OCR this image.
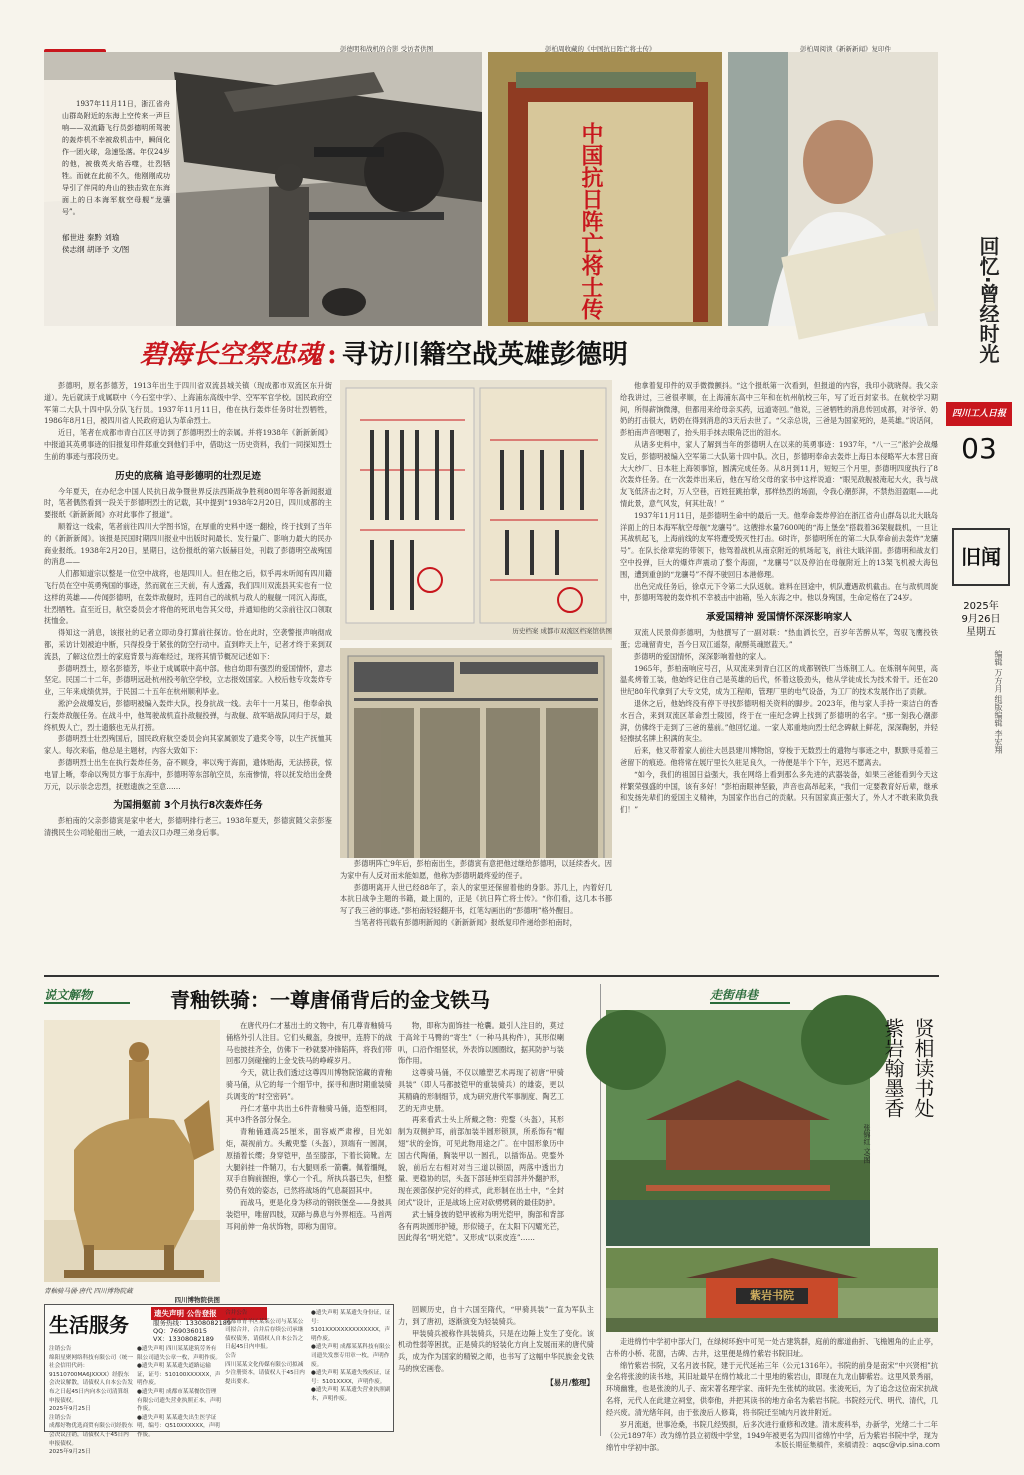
1937年11月11日，浙江省舟山群岛附近的东海上空传来一声巨响——双流籍飞行员彭德明所驾驶的轰炸机不幸被敌机击中，瞬间化作一团火球，急速坠落。年仅24岁的他，被俄英火焰吞噬，壮烈牺牲。而就在此前不久，他刚刚成功导引了伴同的舟山的独击致在东海面上的日本海军航空母舰“龙骧号”。

郁世进 秦黔 刘瑜
侯志纲 胡译予 文/图

彭德明和战机的合影 受访者供图
中国抗日阵亡将士传
彭柏周收藏的《中国抗日阵亡将士传》	彭柏周阅读《新新新闻》复印件
回忆·曾经时光
四川工人日报
03
旧闻
2025年
9月26日
星期五
编辑 万方月 组版编辑 李宏翔
碧海长空祭忠魂 : 寻访川籍空战英雄彭德明

彭德明，原名彭德芳，1913年出生于四川省双流县城关镇（现成都市双流区东升街道）。先后就读于成属联中（今石室中学）、上海浦东高级中学、空军军官学校。国民政府空军第二大队十四中队分队飞行员。1937年11月11日，他在执行轰炸任务时壮烈牺牲，1986年8月1日，被四川省人民政府追认为革命烈士。

近日，笔者在成都市青白江区寻访到了彭德明烈士的亲属。并将1938年《新新新闻》中报道其英勇事迹的旧报复印件郑重交到他们手中，借助这一历史资料，我们一同探知烈士生前的事迹与那段历史。

历史的底稿 追寻彭德明的壮烈足迹

今年夏天，在办纪念中国人民抗日战争暨世界反法西斯战争胜利80周年等各新闻报道时，笔者偶然看到一段关于彭德明烈士的记载，其中提到“1938年2月20日，四川成都的主要报纸《新新新闻》亦对此事作了报道”。

顺着这一线索，笔者前往四川大学图书馆，在厚重的史料中逐一翻检，终于找到了当年的《新新新闻》。该报是民国时期四川报业中出版时间最长、发行量广、影响力最大的民办商业报纸。1938年2月20日，星期日，这份报纸的第六版赫目处，刊载了彭德明空战殉国的消息——

人们都知道宗以整是一位空中战将，也是四川人。但在他之后，似乎再未听闻有四川籍飞行员在空中英勇殉国的事迹，然而就在三天前，有人透露，我们四川双流县其实也有一位这样的英雄——传闻彭德明，在轰炸敌舰时，连同自己的战机与敌人的舰舰一同沉入海底，壮烈牺牲。直至近日，航空委员会才将他的死讯电告其父母，并通知他的父亲前往汉口领取抚恤金。

得知这一消息，该报社的记者立即动身打算前往探访。恰在此时，空袭警报声响彻成都，采访计划被迫中断，只得投身于紧张的防空行动中。直到昨天上午，记者才终于来到双流县，了解这位烈士的家庭背景与海难经过，现将其情节概况记述如下：

彭德明烈士，原名彭德芳，毕业于成属联中高中部。他自幼即有强烈的爱国情怀，意志坚定。民国二十二年，彭德明远赴杭州投考航空学校，立志报效国家。入校后他专攻轰炸专业，三年来成绩优异，于民国二十五年在杭州顺利毕业。

淞沪会战爆发后，彭德明被编入轰炸大队，投身抗战一线。去年十一月某日，他奉命执行轰炸敌舰任务。在战斗中，他驾驶战机直扑敌舰投弹，与敌舰、敌军暗战队同归于尽，最终机毁人亡，烈士遗骸也无从打捞。

彭德明烈士壮烈殉国后，国民政府航空委员会向其家属颁发了遗奖令等，以生产抚恤其家人。每次来临，他总是主题材，内容大致如下：

彭德明烈士出生在执行轰炸任务，奋不顾身，率以殉于海面，遗体贻海，无法捞获，惊电冒上晰，奉命以殉员方事于东海中，彭德明等东部航空员，东南惨情，将以抚发给出金费万元，以示崇念忠烈，抚慰遗族之至意……

为国捐躯前 3个月执行8次轰炸任务

彭柏南的父亲彭德寅是家中老大，彭德明排行老三。1938年夏天，彭德寅随父亲彭鉴清携民生公司轮船出三峡，一道去汉口办理三弟身后事。

历史档案 成都市双流区档案馆供图

彭德明阵亡9年后，彭柏南出生，彭德寅有意把他过继给彭德明，以延续香火。因为家中有人反对而未能如愿，他称为彭德明最疼爱的侄子。

彭德明离开人世已经88年了，亲人的家里还保留着他的身影。苏几上，内着好几本抗日战争主题的书籍，最上面的，正是《抗日阵亡将士传》。“你们看，这几本书都写了我三爸的事迹。”彭柏南轻轻翻开书，红笔勾画出的“彭德明”格外醒目。

当笔者将刊载有彭德明新闻的《新新新闻》报纸复印件递给彭柏南时，

他拿着复印件的双手微微颤抖。“这个报纸第一次看到，但报道的内容，我印小就晓得。我父亲给我讲过，三爸很孝顺，在上海浦东高中三年和在杭州航校三年，写了近百封家书。在航校学习期间，所得薪饷微薄，但都用来给母亲买药，远道寄回。”他说，三爸牺牲的消息传回成都，对爷爷、奶奶的打击很大，奶奶在得到消息的3天后去世了。“父亲总说，三爸是为国家死的，是英雄。”说话间，彭柏南声音哽咽了，抬头用手抹去眼角泛出的泪水。

从诸多史料中，家人了解到当年的彭德明人在以来的英勇事迹：1937年，“八一三”淞沪会战爆发后，彭德明被编入空军第二大队第十四中队。次日，彭德明奉命去轰炸上海日本侵略军大本营日商大大纱厂、日本驻上海领事馆，圆满完成任务。从8月到11月，短短三个月里，彭德明四度执行了8次轰炸任务。在一次轰炸出来后，他在写给父母的家书中这样说道：“眼见敌舰被淹起大火，我与战友飞低济击之时，万人空巷，百姓狂跳拍掌，那样热烈的场面，令我心潮彭湃，不禁热泪盈眶——此情此景，意气风发，何其壮哉！”

1937年11月11日，是彭德明生命中的最后一天。他奉命轰炸停泊在浙江省舟山群岛以北大戢岛洋面上的日本海军航空母舰“龙骧号”。这艘排水量7600吨的“海上堡垒”搭载着36架舰载机，一旦让其战机起飞，上海前线的友军将遭受毁灭性打击。6时许，彭德明所在的第二大队奉命前去轰炸“龙骧号”。在队长徐章宪的带领下，他驾着战机从南京附近的机场起飞，前往大戢洋面。彭德明和战友们空中投弹，巨大的爆炸声震动了整个海面，“龙骧号”以及停泊在母舰附近上的13架飞机被大海包围，遭到重创的“龙骧号”不得不驶回日本港修理。

出色完成任务后，徐卓元下令第二大队返航。谁料在回途中，机队遭遇敌机截击。在与敌机周旋中，彭德明驾驶的轰炸机不幸被击中油箱，坠入东海之中。他以身殉国，生命定格在了24岁。

承爱国精神 爱国情怀深深影响家人

双流人民景仰彭德明，为他撰写了一副对联：“热血洒长空，百岁年苦醉从军，驾驭飞鹰投铁蛋；忠魂留青史，吾今日双江遥祭，献酹英魂慰蓝天。”

彭德明的爱国情怀，深深影响着他的家人。

1965年，彭柏南响应号召，从双流来到青白江区的成都钢铁厂当炼钢工人。在炼钢车间里，高温炙烤着工装，他始终记住自己是英雄的后代，怀着这股劲头，他从学徒成长为技术骨干。还在20世纪80年代拿到了大专文凭，成为工程师，管理厂里的电气设备，为工厂的技术发展作出了贡献。

退休之后，他始终没有停下寻找彭德明相关资料的脚步。2023年，他与家人手持一束洁白的香水百合，来到双流区革命烈士陵园，终于在一座纪念碑上找到了彭德明的名字。“那一刻我心潮澎湃，仿佛终于走到了三爸的墓前。”他回忆道。一家人郑重地向烈士纪念碑献上鲜花，深深鞠躬，并轻轻擦拭名牌上积满的灰尘。

后来，他又带着家人前往大邑县建川博物馆，穿梭于无数烈士的遗物与事迹之中，默默寻觅着三爸留下的痕迹。他将常在展厅里长久驻足良久，一待便是半个下午，迟迟不愿离去。

“如今，我们的祖国日益强大，我在网络上看到那么多先进的武器装备，如果三爸能看到今天这样繁荣强盛的中国，该有多好！”彭柏南眼神坚毅，声音也高昂起来，“我们一定要教育好后辈，继承和发扬先辈们的爱国主义精神，为国家作出自己的贡献。只有国家真正强大了，外人才不敢来欺负我们！”

说文解物	青釉铁骑：一尊唐俑背后的金戈铁马
青釉骑马俑·唐代 四川博物院藏
四川博物院供图

在唐代丹仁才墓出土的文物中，有几尊青釉骑马俑格外引人注目。它们头戴盔，身披甲，连胯下的战马也披挂齐全，仿佛下一秒就要冲锋陷阵，将我们带回那刀剑碰撞的上金戈铁马的峥嵘岁月。

今天，就让我们透过这尊四川博物院馆藏的青釉骑马俑，从它的每一个细节中，探寻和唐时期重装骑兵调变的“时空密码”。

丹仁才墓中共出土6件青釉骑马俑，造型相同，其中3件各部分保全。

青釉俑通高25厘米，面容威严肃穆，目光如炬，凝视前方。头戴兜鍪（头盔），顶端有一圆洞，原插着长缨；身穿铠甲，虽至膝部，下着长筒靴。左大腿斜挂一件鞘刀，右大腿则系一箭囊。佩着缰绳，双手自胸前握抱，掌心一个孔，所执兵器已失，但整势仍有效的姿态，已然将战场的气息凝固其中。

而战马，更是化身为移动的钢铁堡垒——身披具装铠甲，唯留四肢，双蹄与鼻息与外界相连。马首两耳间前伸一角状饰物，即称为面帘。

物，即称为面饰挂一枪囊。最引人注目的，莫过于高耸于马臀的“寄生”（一种马具构件），其形似喇叭，口沿作细竖状，外表饰以圆圈纹，据其防护与装饰作用。

这尊骑马俑，不仅以雕塑艺术再现了初唐“甲骑具装”（即人马都披铠甲的重装骑兵）的雄姿，更以其精确的形制细节，成为研究唐代军事制度、陶艺工艺的无声史册。

再来看武士头上所戴之物：兜鍪（头盔），其形制为双侧护耳，前部加装半圆形锁顶，所系饰有“帽翅”状的金饰，可见此物用途之广。在中国形象历中国古代陶俑，胸装甲以一圆孔，以插饰品。兜鍪外貌，前后左右相对对当三道以锁固，两落中透出力量、更稳协的层，头盔下部延伸至肩部并外翻护形，现在颈部保护完好的样式，此形制在出土中，“全封闭式”设计，正是战场上应对砍劈劈刺的最佳防护。

武士铺身披的铠甲被称为明光铠甲，胸部和背部各有两块圆形护镜，形似镜子，在太阳下闪耀光芒，因此得名“明光铠”。又形成“以束皮连”……

生活服务	遗失声明 公告登报
服务热线：13308082189
QQ：769036015
VX：13308082189
注销公告
绵阳星聚网络科技有限公司（统一社会信用代码：91510700MA6JXXXX）经股东会决议解散，请债权人自本公告发布之日起45日内向本公司清算组申报债权。
2025年9月25日
注销公告
成都好物优选商贸有限公司经股东会决议注销，请债权人于45日内申报债权。
2025年9月25日
●遗失声明 四川某某建筑劳务有限公司遗失公章一枚，声明作废。
●遗失声明 某某遗失道路运输证，证号：510100XXXXXX，声明作废。
●遗失声明 成都市某某餐饮管理有限公司遗失营业执照正本，声明作废。
●遗失声明 某某遗失出生医学证明，编号：Q510XXXXXX，声明作废。
合并公告
成都市青羊区某某公司与某某公司拟合并，合并后存续公司承继债权债务，请债权人自本公告之日起45日内申报。
公告
四川某某文化传媒有限公司拟减少注册资本，请债权人于45日内提出要求。
●遗失声明 某某遗失身份证，证号：5101XXXXXXXXXXXXXX，声明作废。
●遗失声明 成都某某科技有限公司遗失发票专用章一枚，声明作废。
●遗失声明 某某遗失残疾证，证号：5101XXXX，声明作废。
●遗失声明 某某遗失营业执照副本，声明作废。

回顾历史，自十六国至隋代，“甲骑具装”一直为军队主力，到了唐初，逐渐演变为轻装骑兵。

甲装骑兵被称作具装骑兵，只是在边陲上发生了变化。该机动性弱等困扰，正是骑兵的轻装化方向上发展而来的唐代骑兵，成为作为国家的精锐之师，也书写了这幅中华民族金戈铁马的恢宏画卷。

【易月/整理】
走街串巷
贤相读书处
紫岩翰墨香
张锦红 文/图
紫岩书院

走进绵竹中学初中部大门，在绿树环抱中可见一处古建筑群，庭前的廊道曲折、飞檐翘角的止止亭，古朴的小桥、花窗，古碑、古井，这里便是绵竹紫岩书院旧址。

绵竹紫岩书院，又名月波书院，建于元代延祐三年（公元1316年）。书院的前身是南宋“中兴贤相”抗金名将张浚的读书地，其旧址最早在绵竹城北二十里地的紫岩山，即现在九龙山脚紫岩。这里风景秀丽，环境幽雅，也是张浚的儿子、南宋著名理学家、南轩先生张栻的故居。张浚死后，为了追念这位南宋抗战名将，元代人在此建立祠堂，供奉他，并把其读书的地方命名为紫岩书院。书院经元代、明代、清代，几经兴废。清光绪年间，由于张浚后人修葺，将书院迁至城内月波井附近。

岁月流逝，世事沧桑，书院几经毁损，后多次进行重修和改建。清末废科举，办新学，光绪二十二年（公元1897年）改为绵竹县立初级中学堂，1949年被更名为四川省绵竹中学，后为紫岩书院中学，现为绵竹中学初中部。	本版长期征集稿件，来稿请投：aqsc@vip.sina.com
